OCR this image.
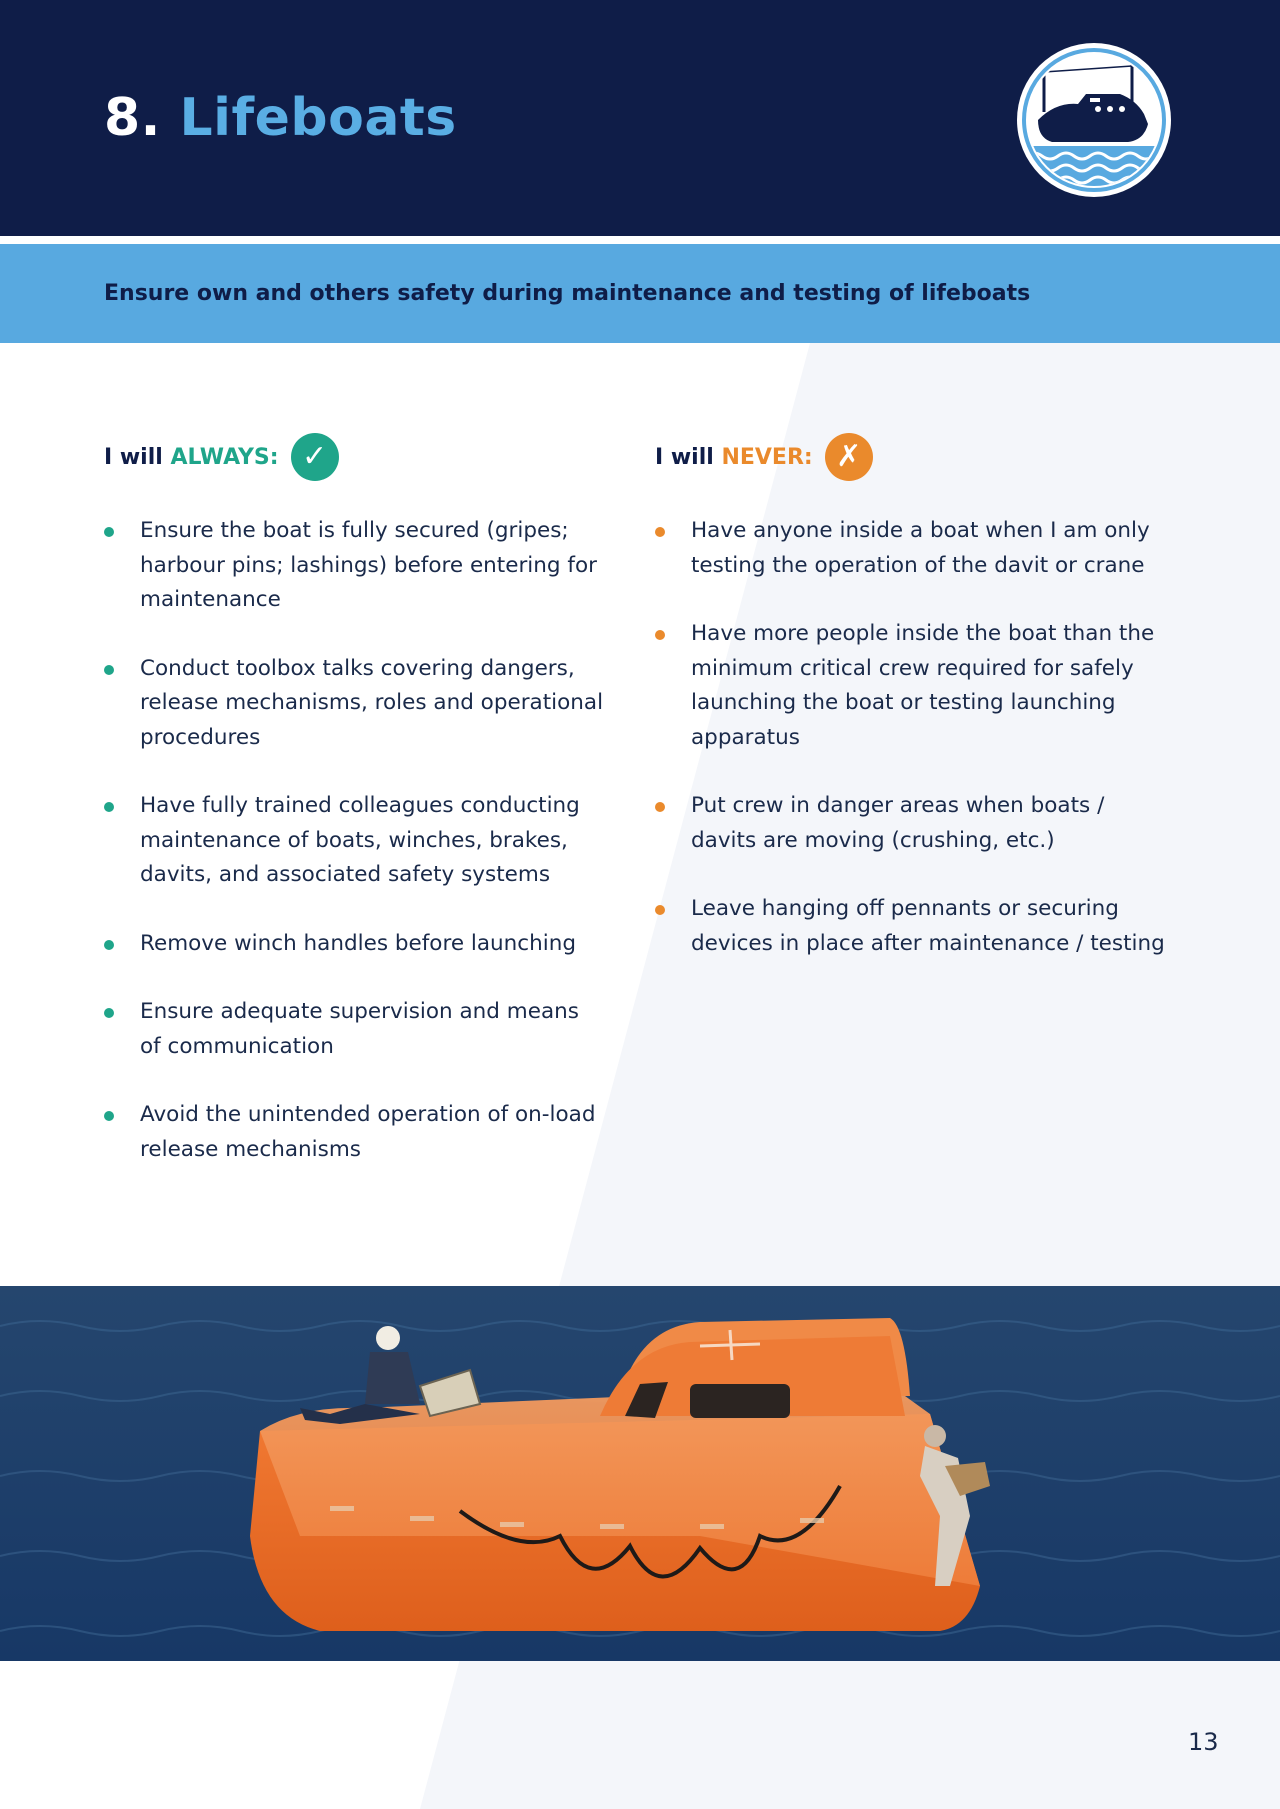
8. Lifeboats

Ensure own and others safety during maintenance and testing of lifeboats

I will ALWAYS: ✓
Ensure the boat is fully secured (gripes; harbour pins; lashings) before entering for maintenance
Conduct toolbox talks covering dangers, release mechanisms, roles and operational procedures
Have fully trained colleagues conducting maintenance of boats, winches, brakes, davits, and associated safety systems
Remove winch handles before launching
Ensure adequate supervision and means of communication
Avoid the unintended operation of on-load release mechanisms
I will NEVER: ✗
Have anyone inside a boat when I am only testing the operation of the davit or crane
Have more people inside the boat than the minimum critical crew required for safely launching the boat or testing launching apparatus
Put crew in danger areas when boats / davits are moving (crushing, etc.)
Leave hanging off pennants or securing devices in place after maintenance / testing
13
